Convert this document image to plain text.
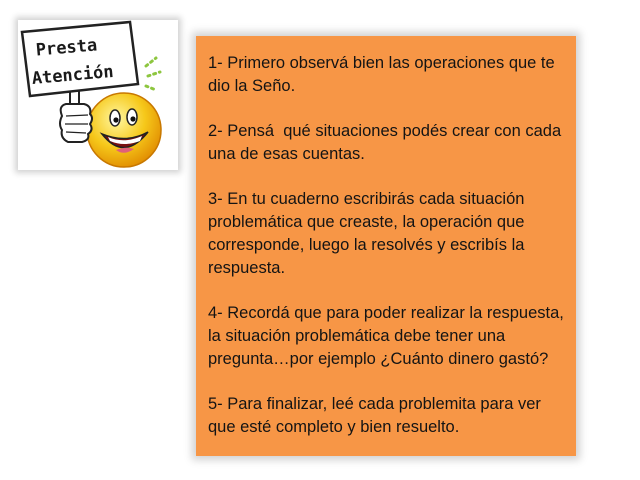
Presta
Atención	1- Primero observá bien las operaciones que te dio la Seño.

2- Pensá  qué situaciones podés crear con cada una de esas cuentas.

3- En tu cuaderno escribirás cada situación problemática que creaste, la operación que corresponde, luego la resolvés y escribís la respuesta.

4- Recordá que para poder realizar la respuesta, la situación problemática debe tener una pregunta…por ejemplo ¿Cuánto dinero gastó?

5- Para finalizar, leé cada problemita para ver que esté completo y bien resuelto.
